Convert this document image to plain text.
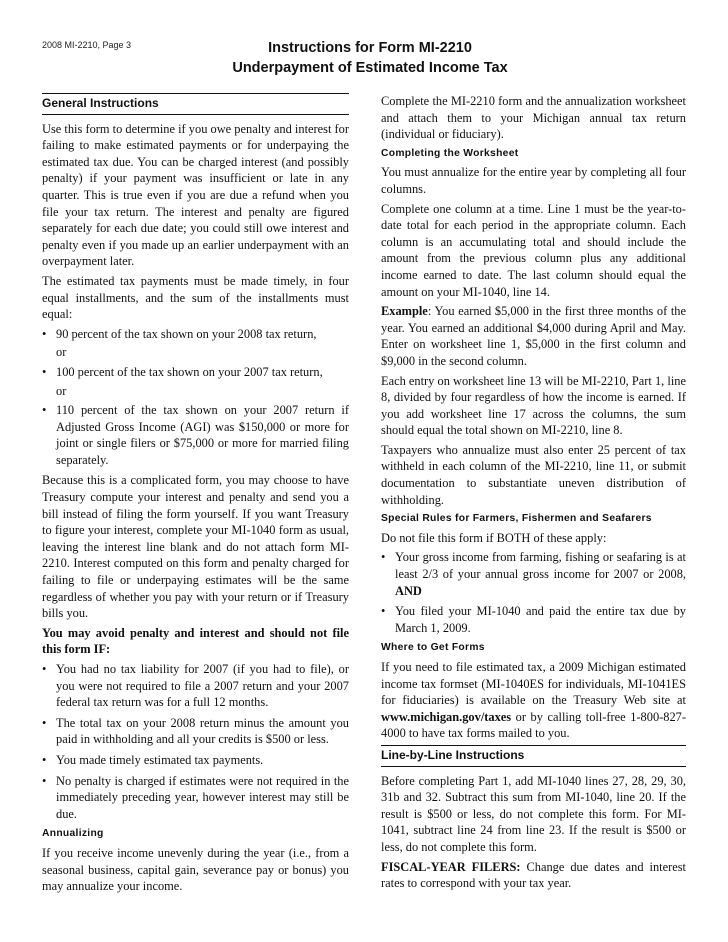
2008 MI-2210, Page 3	Instructions for Form MI-2210
Underpayment of Estimated Income Tax
General Instructions

Use this form to determine if you owe penalty and interest for failing to make estimated payments or for underpaying the estimated tax due. You can be charged interest (and possibly penalty) if your payment was insufficient or late in any quarter. This is true even if you are due a refund when you file your tax return. The interest and penalty are figured separately for each due date; you could still owe interest and penalty even if you made up an earlier underpayment with an overpayment later.

The estimated tax payments must be made timely, in four equal installments, and the sum of the installments must equal:

• 90 percent of the tax shown on your 2008 tax return,
or
• 100 percent of the tax shown on your 2007 tax return,
or
• 110 percent of the tax shown on your 2007 return if Adjusted Gross Income (AGI) was $150,000 or more for joint or single filers or $75,000 or more for married filing separately.

Because this is a complicated form, you may choose to have Treasury compute your interest and penalty and send you a bill instead of filing the form yourself. If you want Treasury to figure your interest, complete your MI-1040 form as usual, leaving the interest line blank and do not attach form MI-2210. Interest computed on this form and penalty charged for failing to file or underpaying estimates will be the same regardless of whether you pay with your return or if Treasury bills you.

You may avoid penalty and interest and should not file this form IF:

• You had no tax liability for 2007 (if you had to file), or you were not required to file a 2007 return and your 2007 federal tax return was for a full 12 months.
• The total tax on your 2008 return minus the amount you paid in withholding and all your credits is $500 or less.
• You made timely estimated tax payments.
• No penalty is charged if estimates were not required in the immediately preceding year, however interest may still be due.
Annualizing

If you receive income unevenly during the year (i.e., from a seasonal business, capital gain, severance pay or bonus) you may annualize your income.

Complete the MI-2210 form and the annualization worksheet and attach them to your Michigan annual tax return (individual or fiduciary).

Completing the Worksheet

You must annualize for the entire year by completing all four columns.

Complete one column at a time. Line 1 must be the year-to-date total for each period in the appropriate column. Each column is an accumulating total and should include the amount from the previous column plus any additional income earned to date. The last column should equal the amount on your MI-1040, line 14.

Example: You earned $5,000 in the first three months of the year. You earned an additional $4,000 during April and May. Enter on worksheet line 1, $5,000 in the first column and $9,000 in the second column.

Each entry on worksheet line 13 will be MI-2210, Part 1, line 8, divided by four regardless of how the income is earned. If you add worksheet line 17 across the columns, the sum should equal the total shown on MI-2210, line 8.

Taxpayers who annualize must also enter 25 percent of tax withheld in each column of the MI-2210, line 11, or submit documentation to substantiate uneven distribution of withholding.

Special Rules for Farmers, Fishermen and Seafarers

Do not file this form if BOTH of these apply:

• Your gross income from farming, fishing or seafaring is at least 2/3 of your annual gross income for 2007 or 2008, AND
• You filed your MI-1040 and paid the entire tax due by March 1, 2009.
Where to Get Forms

If you need to file estimated tax, a 2009 Michigan estimated income tax formset (MI-1040ES for individuals, MI-1041ES for fiduciaries) is available on the Treasury Web site at www.michigan.gov/taxes or by calling toll-free 1-800-827-4000 to have tax forms mailed to you.

Line-by-Line Instructions

Before completing Part 1, add MI-1040 lines 27, 28, 29, 30, 31b and 32. Subtract this sum from MI-1040, line 20. If the result is $500 or less, do not complete this form. For MI-1041, subtract line 24 from line 23. If the result is $500 or less, do not complete this form.

FISCAL-YEAR FILERS: Change due dates and interest rates to correspond with your tax year.
